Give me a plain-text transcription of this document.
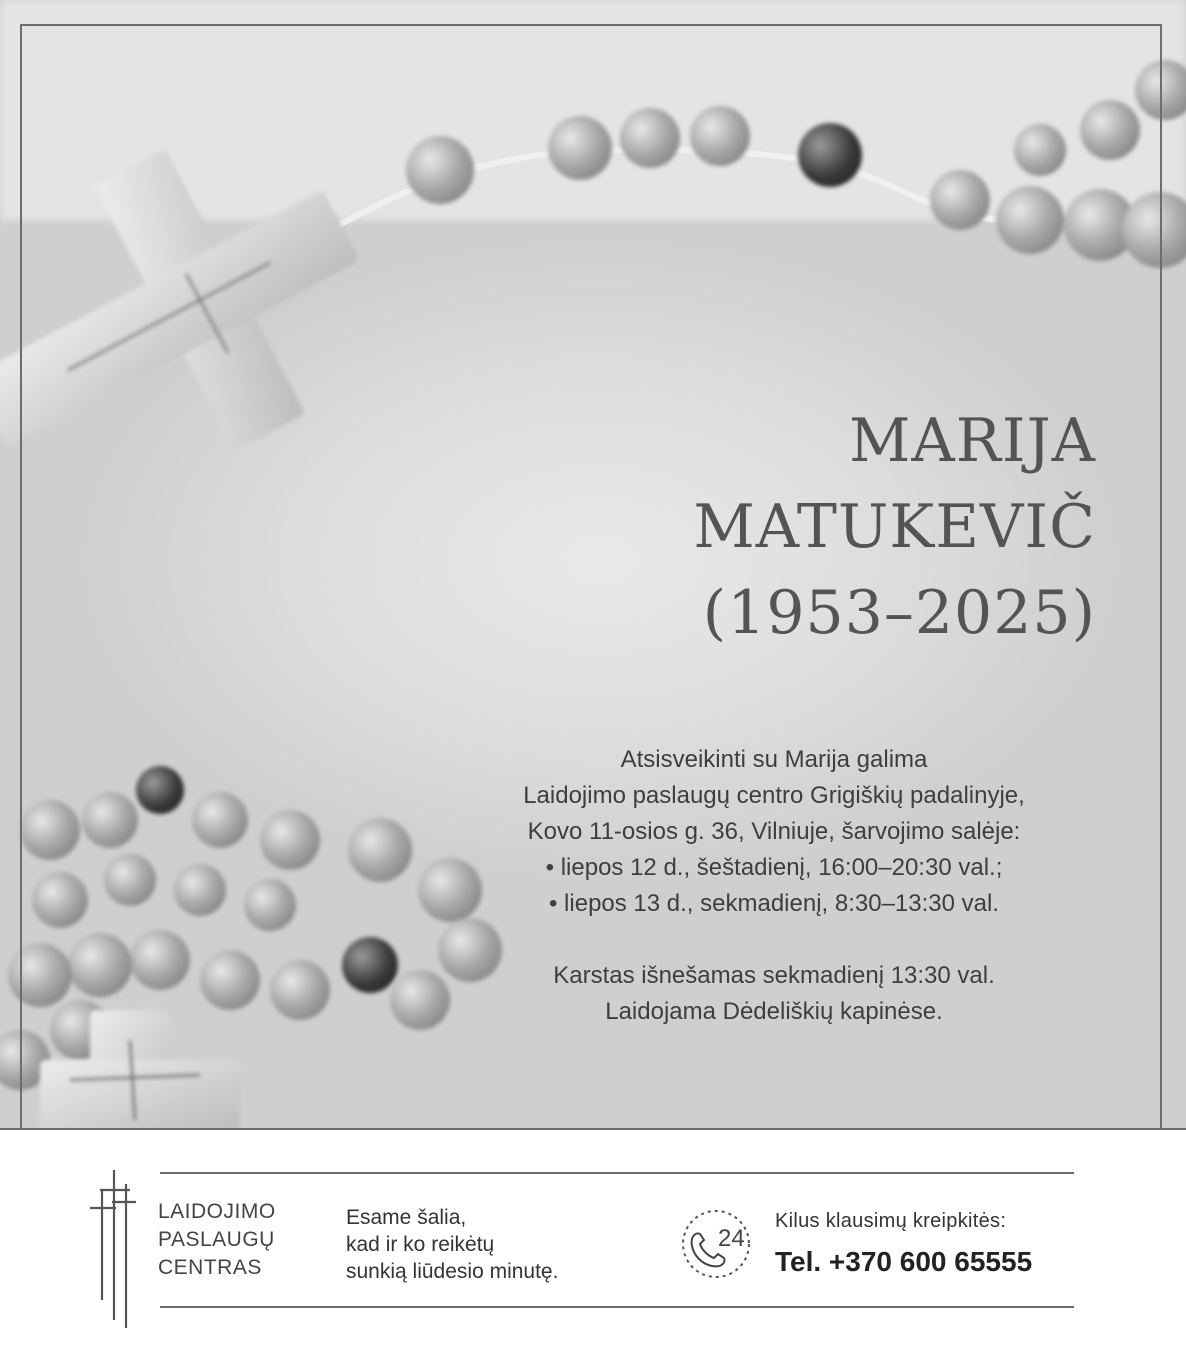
MARIJA
MATUKEVIČ
(1953–2025)
Atsisveikinti su Marija galima
Laidojimo paslaugų centro Grigiškių padalinyje,
Kovo 11-osios g. 36, Vilniuje, šarvojimo salėje:
• liepos 12 d., šeštadienį, 16:00–20:30 val.;
• liepos 13 d., sekmadienį, 8:30–13:30 val.
Karstas išnešamas sekmadienį 13:30 val.
Laidojama Dėdeliškių kapinėse.
LAIDOJIMO
PASLAUGŲ
CENTRAS
Esame šalia,
kad ir ko reikėtų
sunkią liūdesio minutę.
24
Kilus klausimų kreipkitės:
Tel. +370 600 65555
